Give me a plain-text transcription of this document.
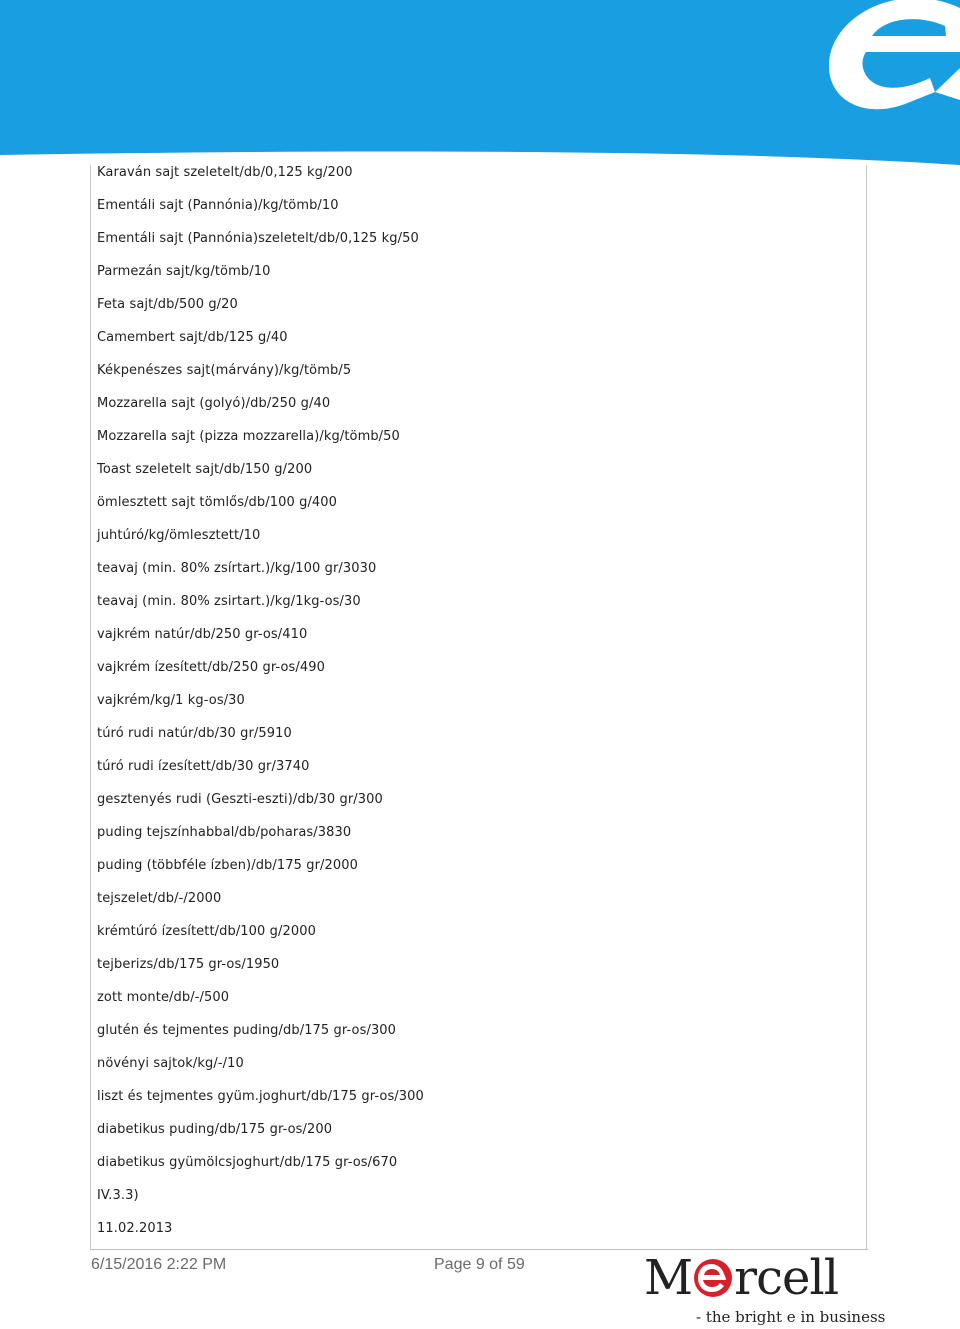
Karaván sajt szeletelt/db/0,125 kg/200
Ementáli sajt (Pannónia)/kg/tömb/10
Ementáli sajt (Pannónia)szeletelt/db/0,125 kg/50
Parmezán sajt/kg/tömb/10
Feta sajt/db/500 g/20
Camembert sajt/db/125 g/40
Kékpenészes sajt(márvány)/kg/tömb/5
Mozzarella sajt (golyó)/db/250 g/40
Mozzarella sajt (pizza mozzarella)/kg/tömb/50
Toast szeletelt sajt/db/150 g/200
ömlesztett sajt tömlős/db/100 g/400
juhtúró/kg/ömlesztett/10
teavaj (min. 80% zsírtart.)/kg/100 gr/3030
teavaj (min. 80% zsirtart.)/kg/1kg-os/30
vajkrém natúr/db/250 gr-os/410
vajkrém ízesített/db/250 gr-os/490
vajkrém/kg/1 kg-os/30
túró rudi natúr/db/30 gr/5910
túró rudi ízesített/db/30 gr/3740
gesztenyés rudi (Geszti-eszti)/db/30 gr/300
puding tejszínhabbal/db/poharas/3830
puding (többféle ízben)/db/175 gr/2000
tejszelet/db/-/2000
krémtúró ízesített/db/100 g/2000
tejberizs/db/175 gr-os/1950
zott monte/db/-/500
glutén és tejmentes puding/db/175 gr-os/300
növényi sajtok/kg/-/10
liszt és tejmentes gyüm.joghurt/db/175 gr-os/300
diabetikus puding/db/175 gr-os/200
diabetikus gyümölcsjoghurt/db/175 gr-os/670
IV.3.3)
11.02.2013
6/15/2016 2:22 PM	Page 9 of 59 M rcell
- the bright e in business
